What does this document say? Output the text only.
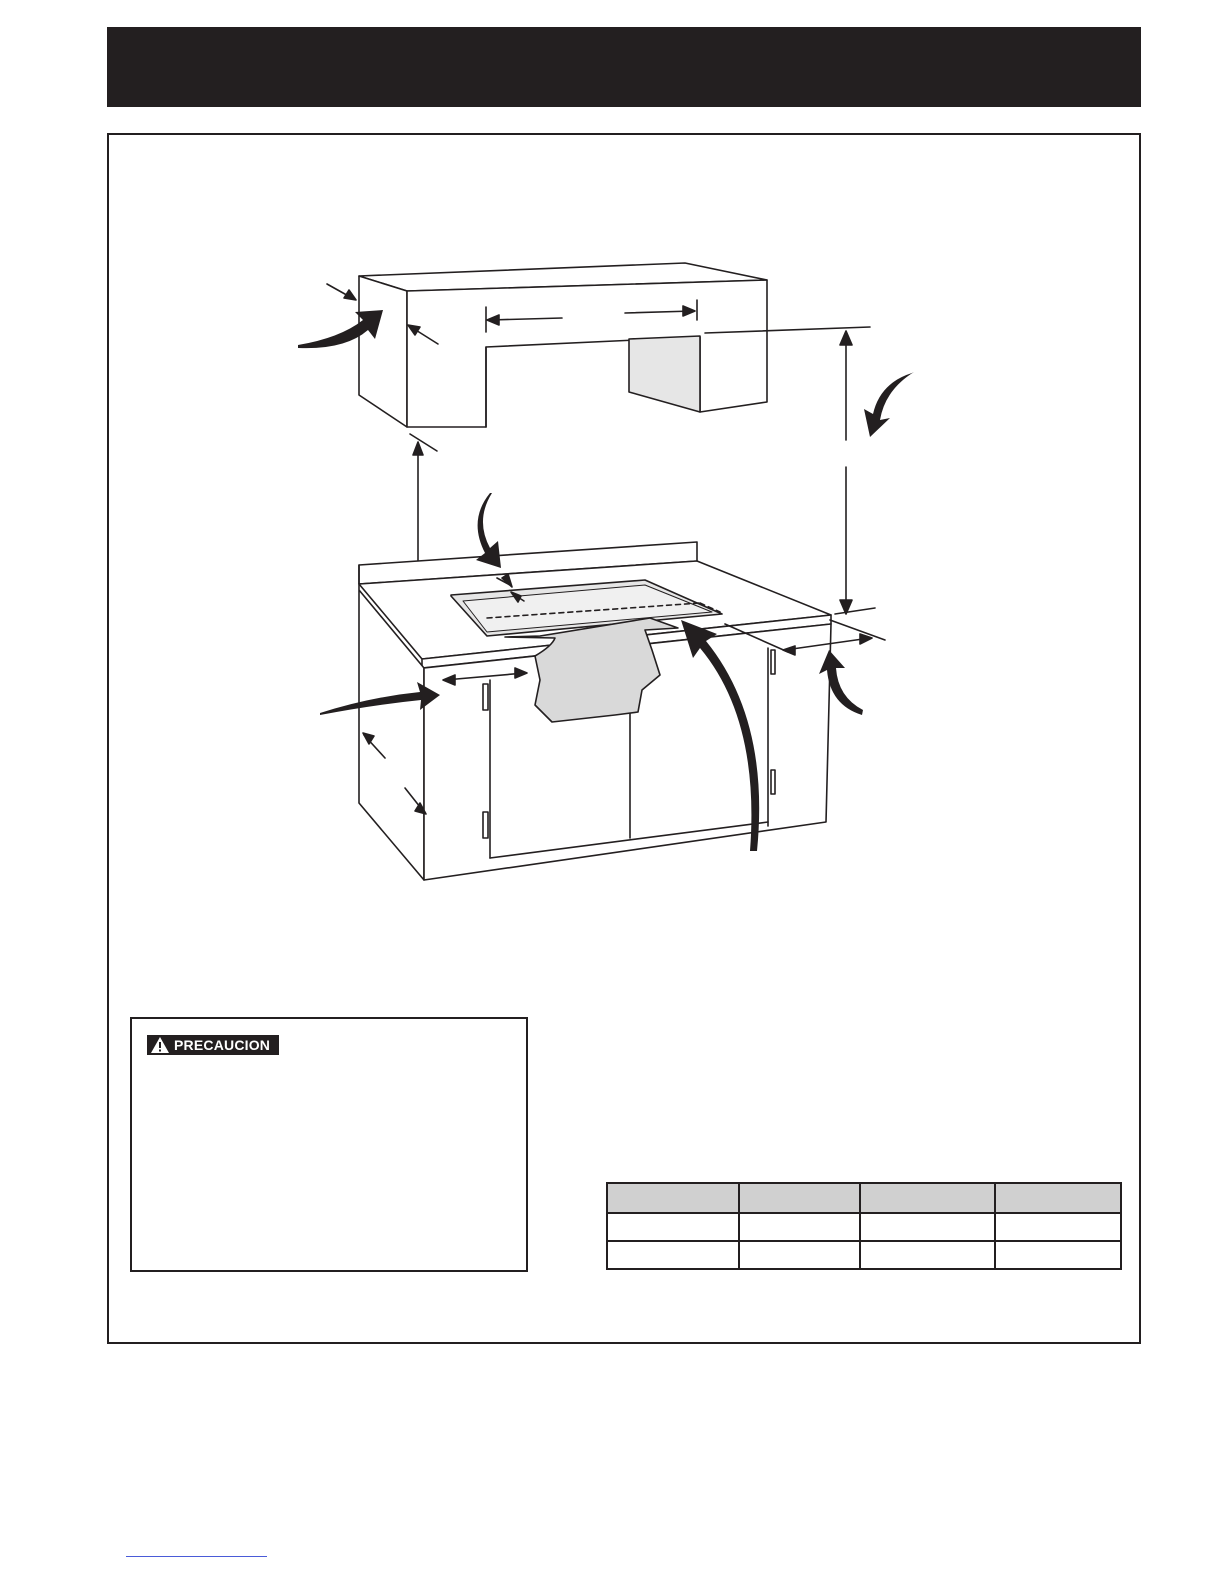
PRECAUCION
